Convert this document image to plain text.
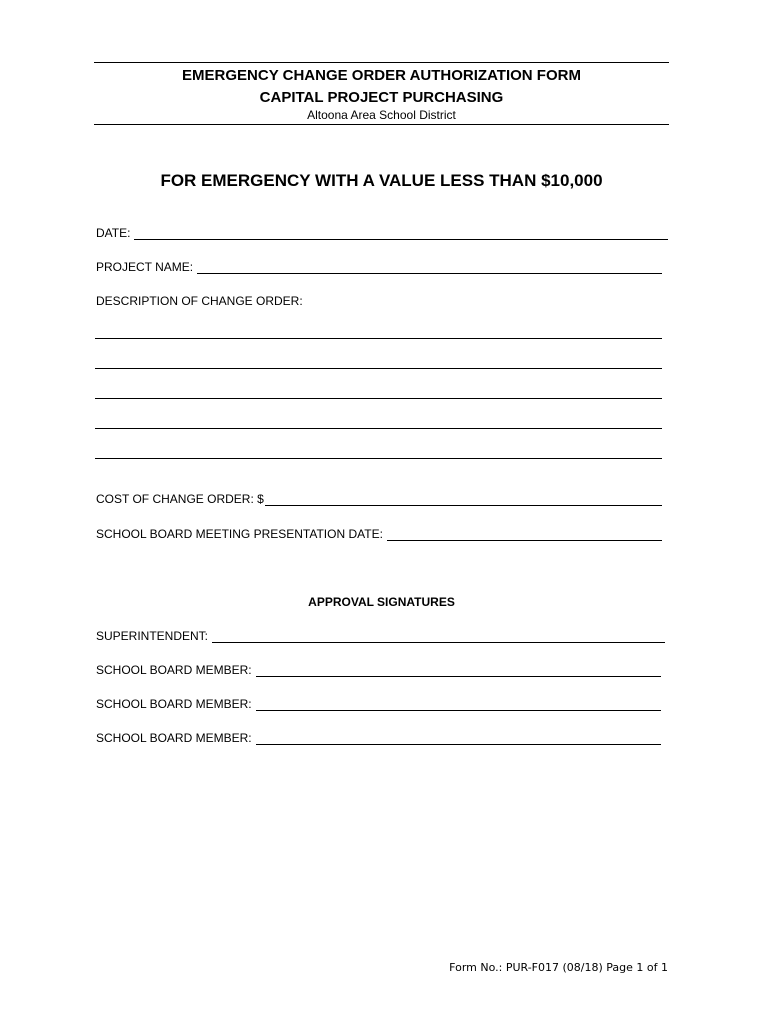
EMERGENCY CHANGE ORDER AUTHORIZATION FORM
CAPITAL PROJECT PURCHASING
Altoona Area School District
FOR EMERGENCY WITH A VALUE LESS THAN $10,000
DATE:
PROJECT NAME:
DESCRIPTION OF CHANGE ORDER:
COST OF CHANGE ORDER: $
SCHOOL BOARD MEETING PRESENTATION DATE:
APPROVAL SIGNATURES
SUPERINTENDENT:
SCHOOL BOARD MEMBER:
SCHOOL BOARD MEMBER:
SCHOOL BOARD MEMBER:
Form No.: PUR-F017 (08/18) Page 1 of 1
